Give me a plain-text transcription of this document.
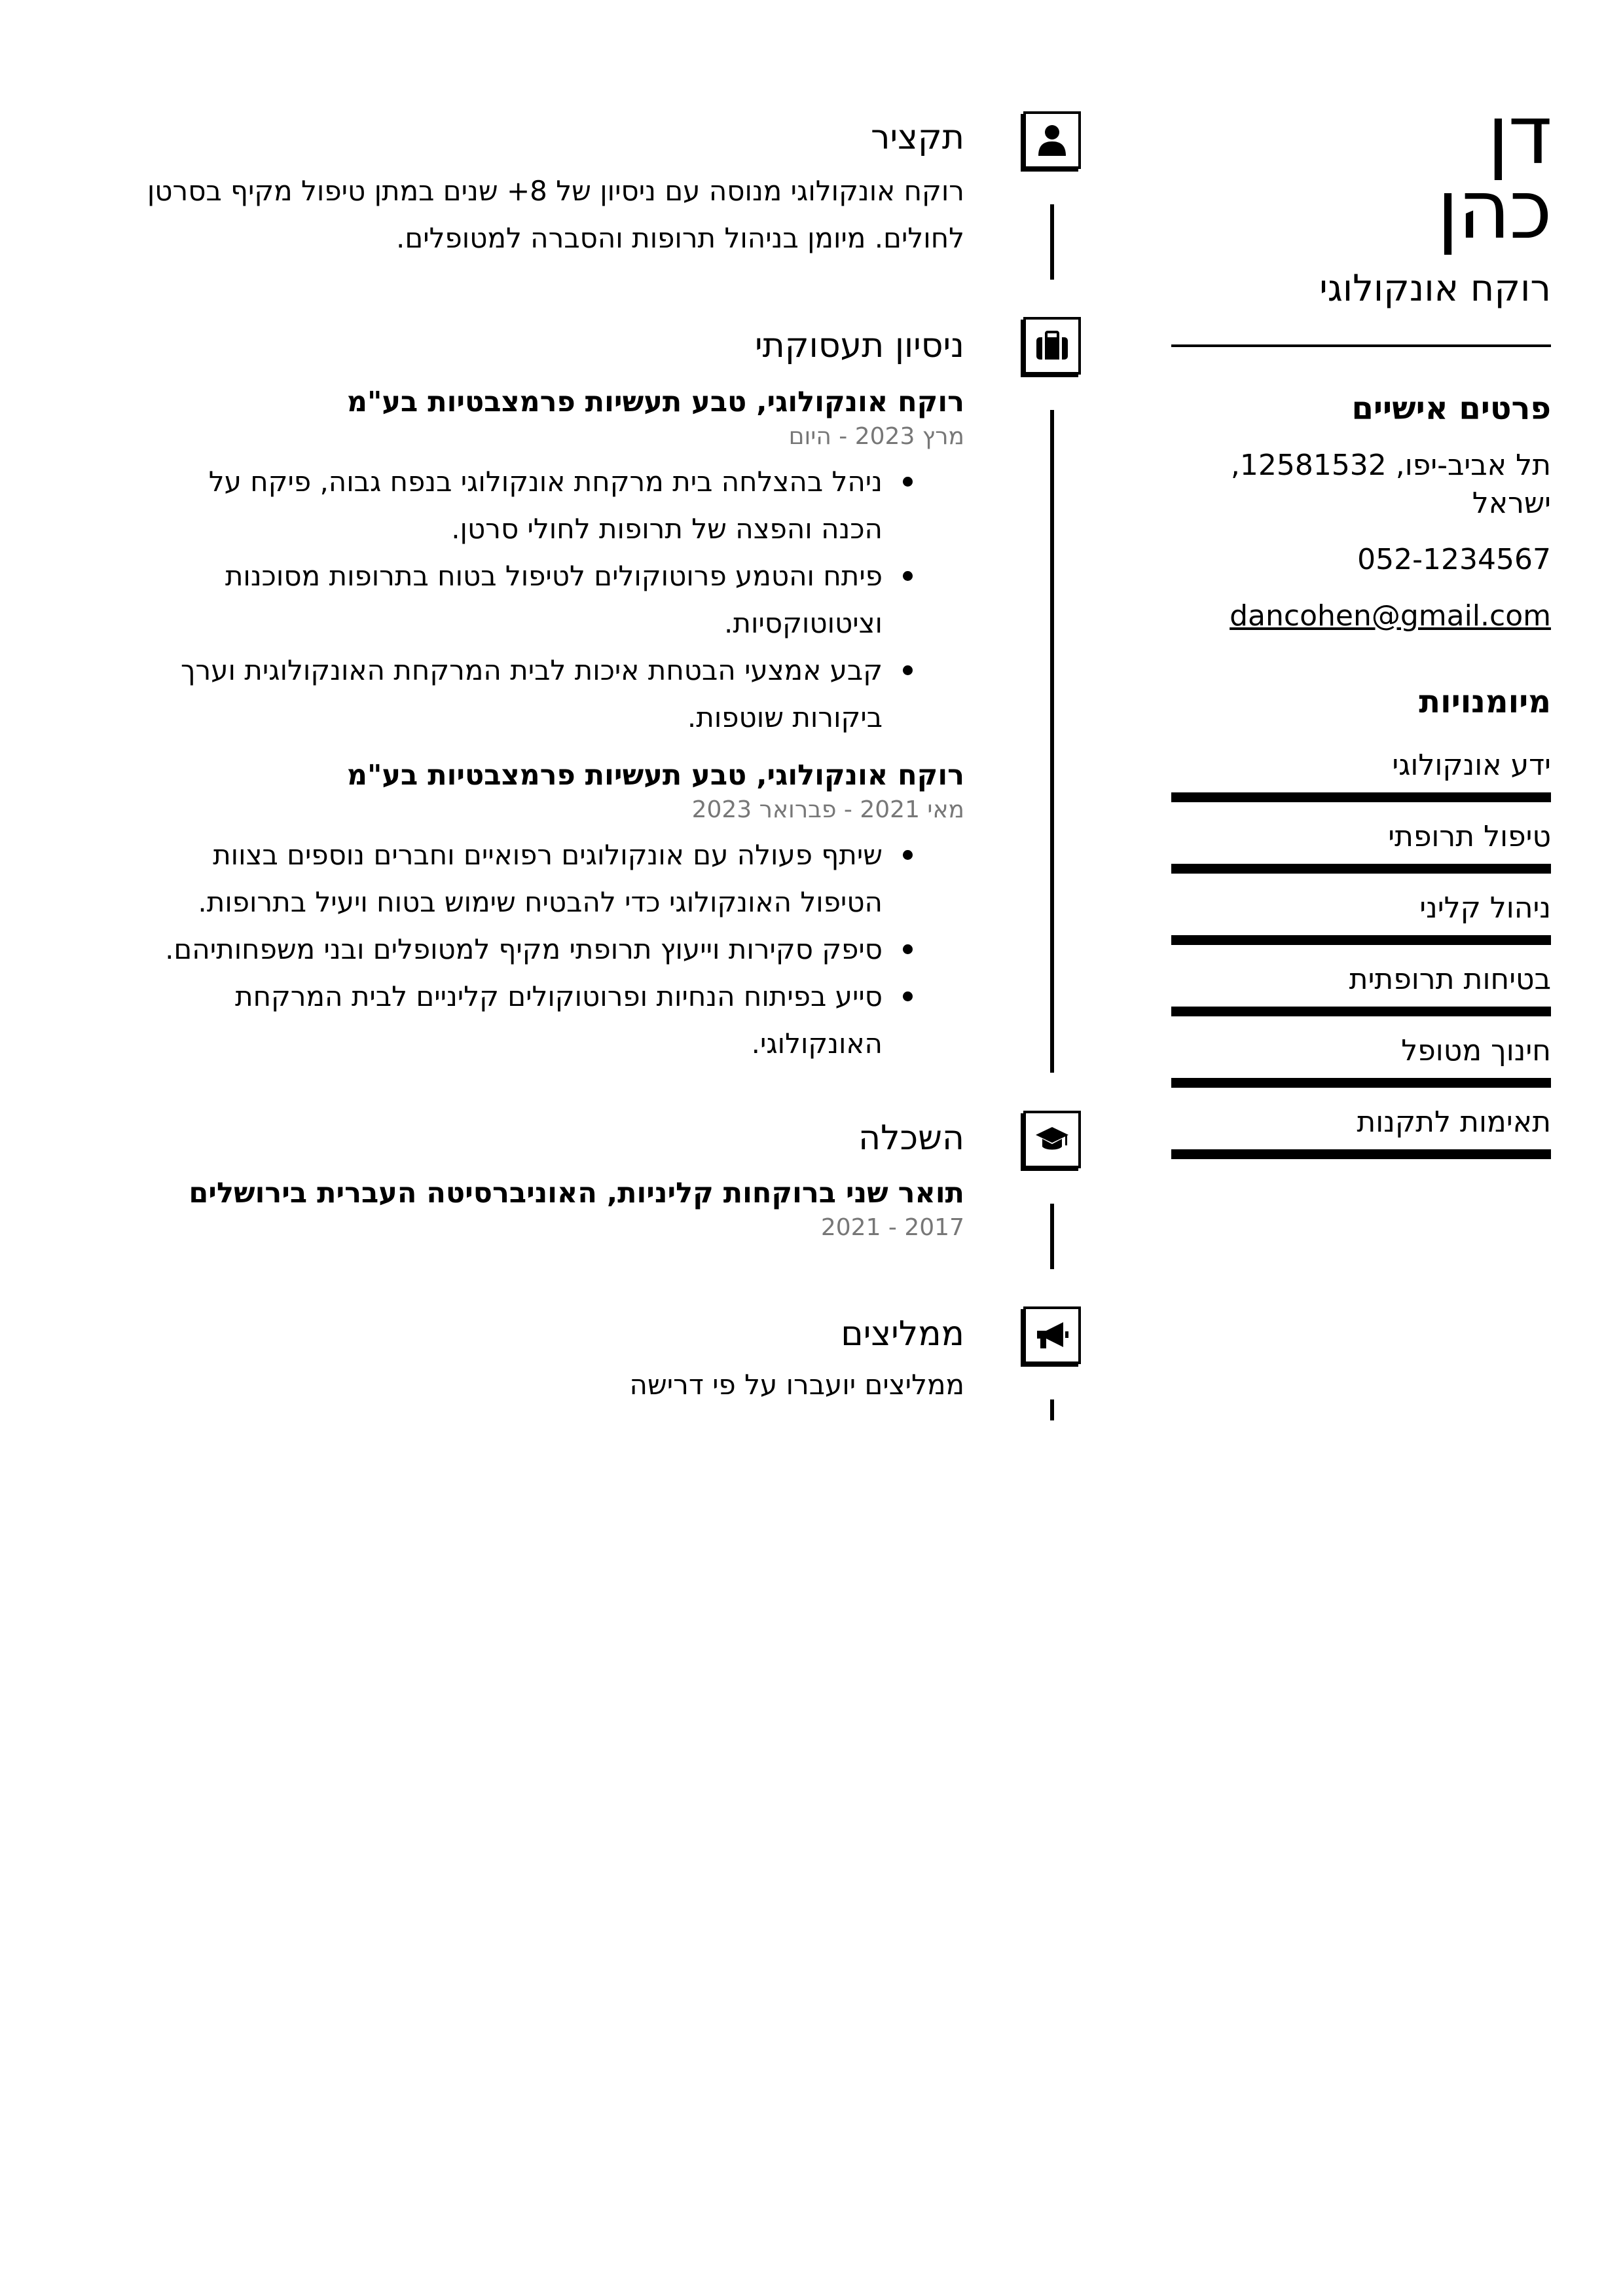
דן
כהן
רוקח אונקולוגי
פרטים אישיים
תל אביב-יפו, 12581532, ישראל
052-1234567
dancohen@gmail.com
מיומנויות
ידע אונקולוגי
טיפול תרופתי
ניהול קליני
בטיחות תרופתית
חינוך מטופל
תאימות לתקנות
תקציר
רוקח אונקולוגי מנוסה עם ניסיון של 8+ שנים במתן טיפול מקיף בסרטן לחולים. מיומן בניהול תרופות והסברה למטופלים.
ניסיון תעסוקתי
רוקח אונקולוגי, טבע תעשיות פרמצבטיות בע"מ
מרץ 2023 - היום
ניהל בהצלחה בית מרקחת אונקולוגי בנפח גבוה, פיקח על הכנה והפצה של תרופות לחולי סרטן.
פיתח והטמע פרוטוקולים לטיפול בטוח בתרופות מסוכנות וציטוטוקסיות.
קבע אמצעי הבטחת איכות לבית המרקחת האונקולוגית וערך ביקורות שוטפות.
רוקח אונקולוגי, טבע תעשיות פרמצבטיות בע"מ
מאי 2021 - פברואר 2023
שיתף פעולה עם אונקולוגים רפואיים וחברים נוספים בצוות הטיפול האונקולוגי כדי להבטיח שימוש בטוח ויעיל בתרופות.
סיפק סקירות וייעוץ תרופתי מקיף למטופלים ובני משפחותיהם.
סייע בפיתוח הנחיות ופרוטוקולים קליניים לבית המרקחת האונקולוגי.
השכלה
תואר שני ברוקחות קליניות, האוניברסיטה העברית בירושלים
2017 - 2021
ממליצים
ממליצים יועברו על פי דרישה
